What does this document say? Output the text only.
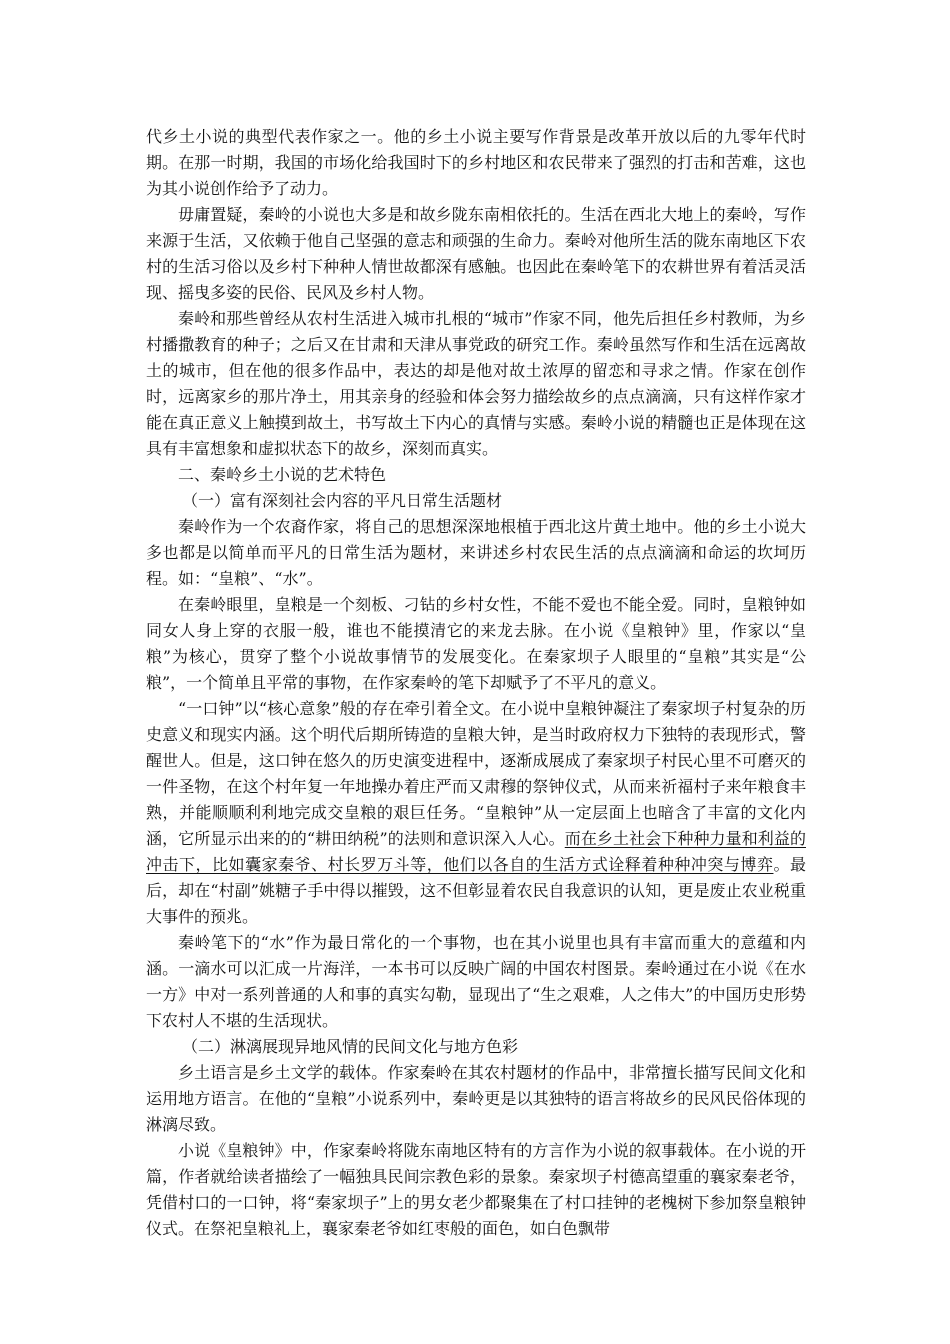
代乡土小说的典型代表作家之一。他的乡土小说主要写作背景是改革开放以后的九零年代时期。在那一时期，我国的市场化给我国时下的乡村地区和农民带来了强烈的打击和苦难，这也为其小说创作给予了动力。

毋庸置疑，秦岭的小说也大多是和故乡陇东南相依托的。生活在西北大地上的秦岭，写作来源于生活，又依赖于他自己坚强的意志和顽强的生命力。秦岭对他所生活的陇东南地区下农村的生活习俗以及乡村下种种人情世故都深有感触。也因此在秦岭笔下的农耕世界有着活灵活现、摇曳多姿的民俗、民风及乡村人物。

秦岭和那些曾经从农村生活进入城市扎根的“城市”作家不同，他先后担任乡村教师，为乡村播撒教育的种子；之后又在甘肃和天津从事党政的研究工作。秦岭虽然写作和生活在远离故土的城市，但在他的很多作品中，表达的却是他对故土浓厚的留恋和寻求之情。作家在创作时，远离家乡的那片净土，用其亲身的经验和体会努力描绘故乡的点点滴滴，只有这样作家才能在真正意义上触摸到故土，书写故土下内心的真情与实感。秦岭小说的精髓也正是体现在这具有丰富想象和虚拟状态下的故乡，深刻而真实。

二、秦岭乡土小说的艺术特色

（一）富有深刻社会内容的平凡日常生活题材

秦岭作为一个农裔作家，将自己的思想深深地根植于西北这片黄土地中。他的乡土小说大多也都是以简单而平凡的日常生活为题材，来讲述乡村农民生活的点点滴滴和命运的坎坷历程。如：“皇粮”、“水”。

在秦岭眼里，皇粮是一个刻板、刁钻的乡村女性，不能不爱也不能全爱。同时，皇粮钟如同女人身上穿的衣服一般，谁也不能摸清它的来龙去脉。在小说《皇粮钟》里，作家以“皇粮”为核心，贯穿了整个小说故事情节的发展变化。在秦家坝子人眼里的“皇粮”其实是“公粮”，一个简单且平常的事物，在作家秦岭的笔下却赋予了不平凡的意义。

“一口钟”以“核心意象”般的存在牵引着全文。在小说中皇粮钟凝注了秦家坝子村复杂的历史意义和现实内涵。这个明代后期所铸造的皇粮大钟，是当时政府权力下独特的表现形式，警醒世人。但是，这口钟在悠久的历史演变进程中，逐渐成展成了秦家坝子村民心里不可磨灭的一件圣物，在这个村年复一年地操办着庄严而又肃穆的祭钟仪式，从而来祈福村子来年粮食丰熟，并能顺顺利利地完成交皇粮的艰巨任务。“皇粮钟”从一定层面上也暗含了丰富的文化内涵，它所显示出来的的“耕田纳税”的法则和意识深入人心。而在乡土社会下种种力量和利益的冲击下，比如囊家秦爷、村长罗万斗等，他们以各自的生活方式诠释着种种冲突与博弈。最后，却在“村副”姚糖子手中得以摧毁，这不但彰显着农民自我意识的认知，更是废止农业税重大事件的预兆。

秦岭笔下的“水”作为最日常化的一个事物，也在其小说里也具有丰富而重大的意蕴和内涵。一滴水可以汇成一片海洋，一本书可以反映广阔的中国农村图景。秦岭通过在小说《在水一方》中对一系列普通的人和事的真实勾勒，显现出了“生之艰难，人之伟大”的中国历史形势下农村人不堪的生活现状。

（二）淋漓展现异地风情的民间文化与地方色彩

乡土语言是乡土文学的载体。作家秦岭在其农村题材的作品中，非常擅长描写民间文化和运用地方语言。在他的“皇粮”小说系列中，秦岭更是以其独特的语言将故乡的民风民俗体现的淋漓尽致。

小说《皇粮钟》中，作家秦岭将陇东南地区特有的方言作为小说的叙事载体。在小说的开篇，作者就给读者描绘了一幅独具民间宗教色彩的景象。秦家坝子村德高望重的襄家秦老爷，凭借村口的一口钟，将“秦家坝子”上的男女老少都聚集在了村口挂钟的老槐树下参加祭皇粮钟仪式。在祭祀皇粮礼上，襄家秦老爷如红枣般的面色，如白色飘带
